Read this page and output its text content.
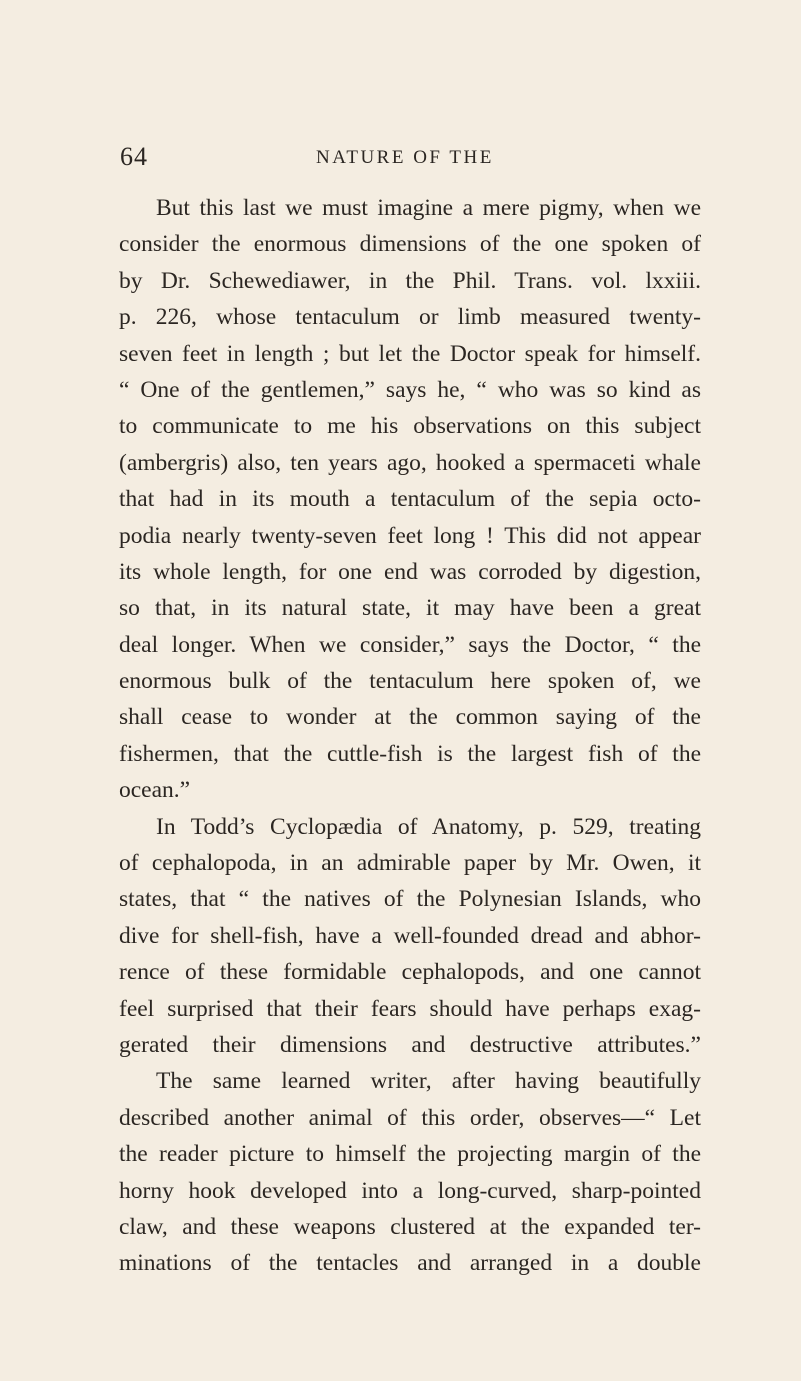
64	NATURE OF THE
But this last we must imagine a mere pigmy, when we
consider the enormous dimensions of the one spoken of
by Dr. Schewediawer, in the Phil. Trans. vol. lxxiii.
p. 226, whose tentaculum or limb measured twenty-
seven feet in length ; but let the Doctor speak for himself.
“ One of the gentlemen,” says he, “ who was so kind as
to communicate to me his observations on this subject
(ambergris) also, ten years ago, hooked a spermaceti whale
that had in its mouth a tentaculum of the sepia octo-
podia nearly twenty-seven feet long ! This did not appear
its whole length, for one end was corroded by digestion,
so that, in its natural state, it may have been a great
deal longer. When we consider,” says the Doctor, “ the
enormous bulk of the tentaculum here spoken of, we
shall cease to wonder at the common saying of the
fishermen, that the cuttle-fish is the largest fish of the
ocean.”
In Todd’s Cyclopædia of Anatomy, p. 529, treating
of cephalopoda, in an admirable paper by Mr. Owen, it
states, that “ the natives of the Polynesian Islands, who
dive for shell-fish, have a well-founded dread and abhor-
rence of these formidable cephalopods, and one cannot
feel surprised that their fears should have perhaps exag-
gerated their dimensions and destructive attributes.”
The same learned writer, after having beautifully
described another animal of this order, observes—“ Let
the reader picture to himself the projecting margin of the
horny hook developed into a long-curved, sharp-pointed
claw, and these weapons clustered at the expanded ter-
minations of the tentacles and arranged in a double
